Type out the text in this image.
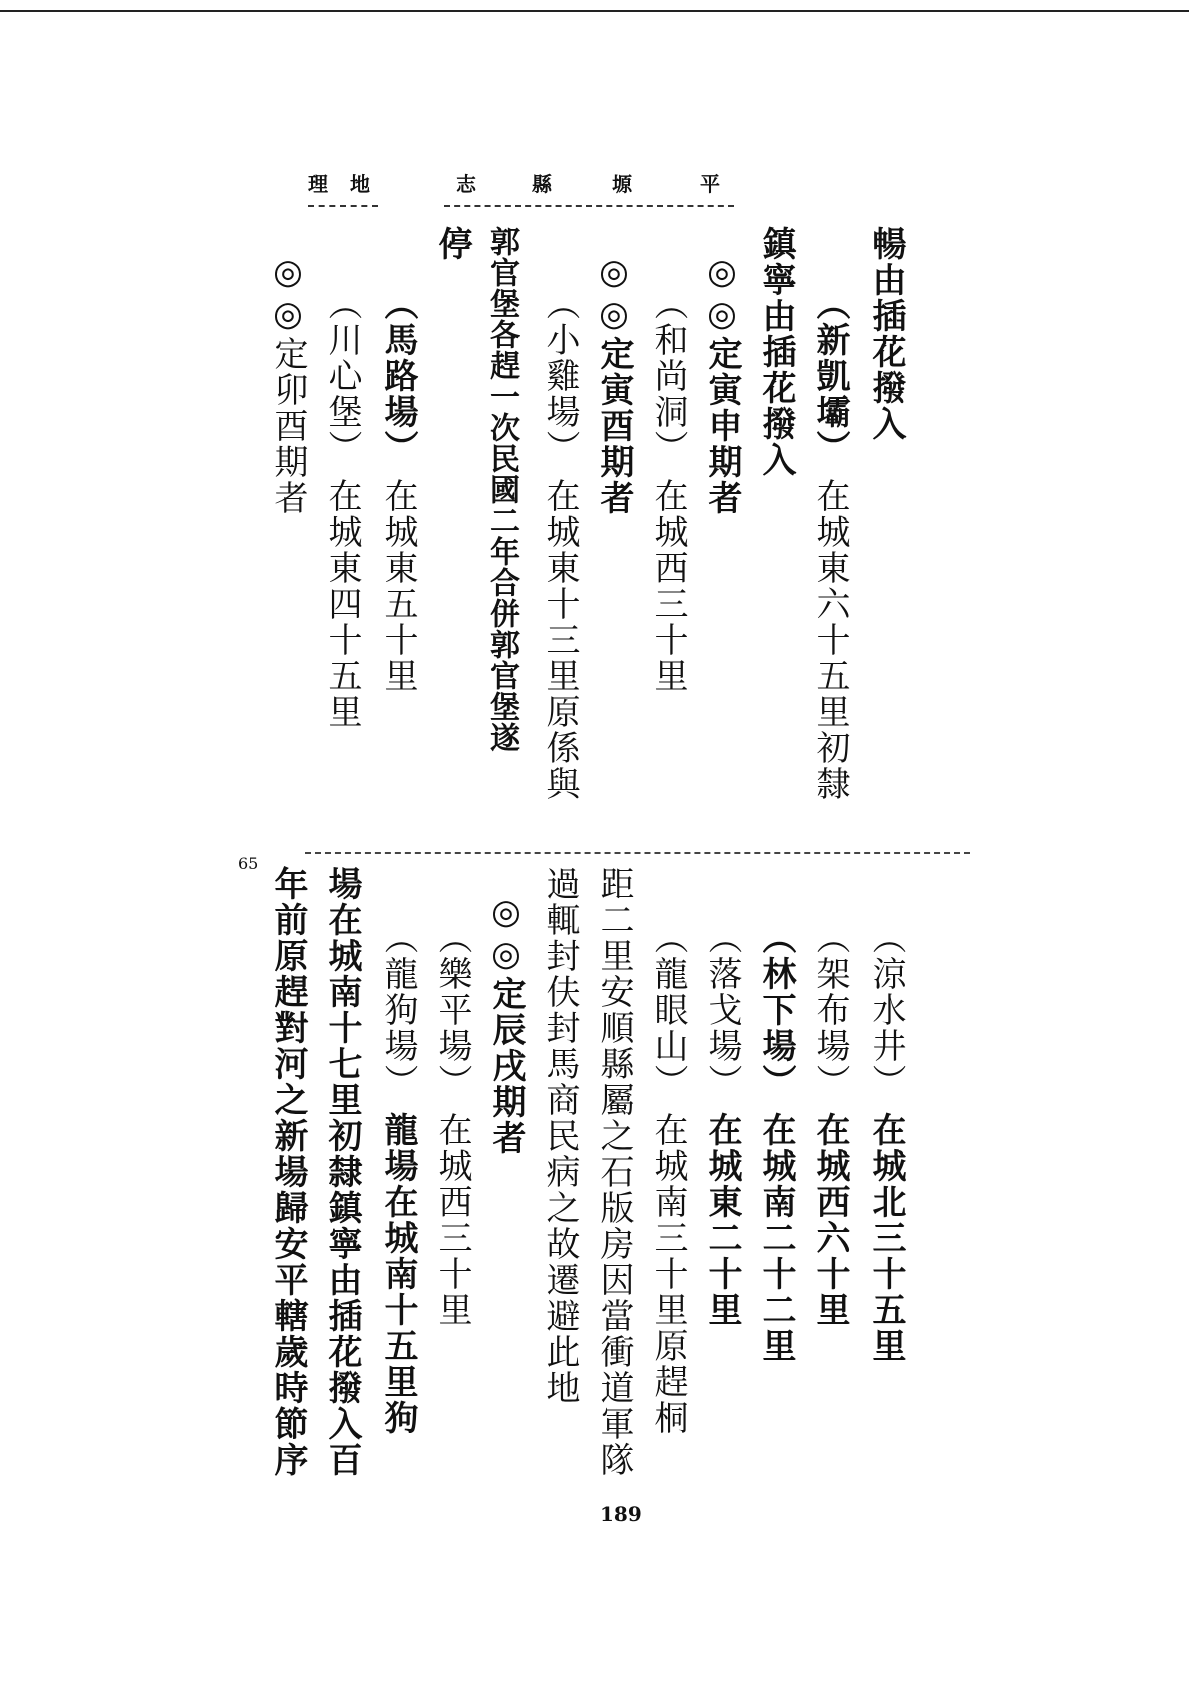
平
塬
縣
志
地
理
暢由插花撥入
（新凱壩）
在城東六十五里初隸
鎮寧由插花撥入
◎◎定寅申期者
（和尚洞）
在城西三十里
◎◎定寅酉期者
（小雞場）
在城東十三里原係與
郭官堡各趕一次民國二年合併郭官堡遂
停
（馬路場）
在城東五十里
（川心堡）
在城東四十五里
◎◎定卯酉期者
65
（涼水井）
在城北三十五里
（架布場）
在城西六十里
（林下場）
在城南二十二里
（落戈場）
在城東二十里
（龍眼山）
在城南三十里原趕桐
距二里安順縣屬之石版房因當衝道軍隊
過輒封伕封馬商民病之故遷避此地
◎◎定辰戌期者
（樂平場）
在城西三十里
（龍狗場）
龍場在城南十五里狗
場在城南十七里初隸鎮寧由插花撥入百
年前原趕對河之新場歸安平轄歲時節序
189
